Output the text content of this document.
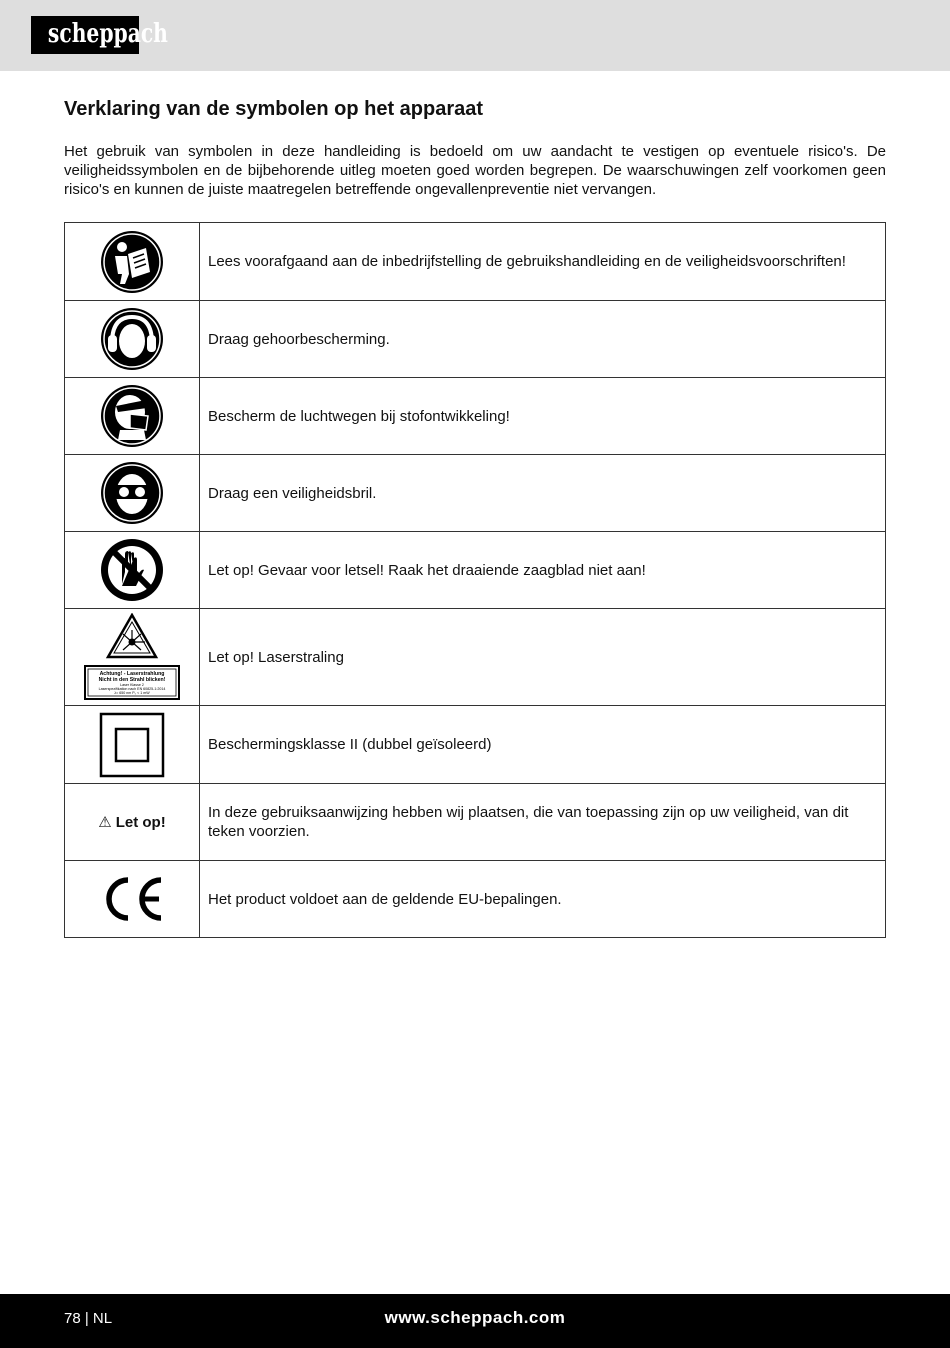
scheppach
Verklaring van de symbolen op het apparaat

Het gebruik van symbolen in deze handleiding is bedoeld om uw aandacht te vestigen op eventuele risico's. De veiligheidssymbolen en de bijbehorende uitleg moeten goed worden begrepen. De waarschuwingen zelf voorkomen geen risico's en kunnen de juiste maatregelen betreffende ongevallenpreventie niet vervangen.

	Lees voorafgaand aan de inbedrijfstelling de gebruikshandleiding en de veiligheidsvoorschriften!

	Draag gehoorbescherming.

	Bescherm de luchtwegen bij stofontwikkeling!

	Draag een veiligheidsbril.

	Let op! Gevaar voor letsel! Raak het draaiende zaagblad niet aan!

Achtung! - Laserstrahlung
Nicht in den Strahl blicken!
Laser Klasse 2
Laserspezifikation nach EN 60825-1:2014
λ= 650 nm P₀ < 1 mW	Let op! Laserstraling

	Beschermingsklasse II (dubbel geïsoleerd)
⚠ Let op!	In deze gebruiksaanwijzing hebben wij plaatsen, die van toepassing zijn op uw veiligheid, van dit teken voorzien.

	Het product voldoet aan de geldende EU-bepalingen.
78 | NL	www.scheppach.com
